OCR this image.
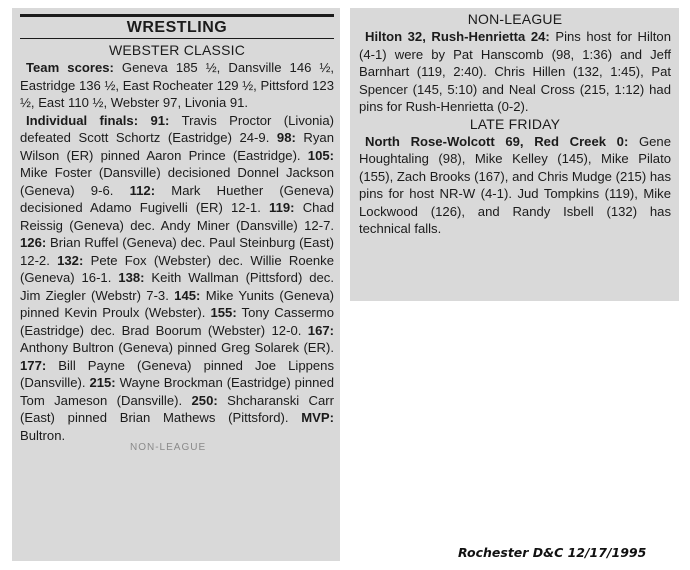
WRESTLING
WEBSTER CLASSIC

Team scores: Geneva 185 ½, Dansville 146 ½, Eastridge 136 ½, East Rocheater 129 ½, Pittsford 123 ½, East 110 ½, Webster 97, Livonia 91.

Individual finals: 91: Travis Proctor (Livonia) defeated Scott Schortz (Eastridge) 24-9. 98: Ryan Wilson (ER) pinned Aaron Prince (Eastridge). 105: Mike Foster (Dansville) decisioned Donnel Jackson (Geneva) 9-6. 112: Mark Huether (Geneva) decisioned Adamo Fugivelli (ER) 12-1. 119: Chad Reissig (Geneva) dec. Andy Miner (Dansville) 12-7. 126: Brian Ruffel (Geneva) dec. Paul Steinburg (East) 12-2. 132: Pete Fox (Webster) dec. Willie Roenke (Geneva) 16-1. 138: Keith Wallman (Pittsford) dec. Jim Ziegler (Webstr) 7-3. 145: Mike Yunits (Geneva) pinned Kevin Proulx (Webster). 155: Tony Cassermo (Eastridge) dec. Brad Boorum (Webster) 12-0. 167: Anthony Bultron (Geneva) pinned Greg Solarek (ER). 177: Bill Payne (Geneva) pinned Joe Lippens (Dansville). 215: Wayne Brockman (Eastridge) pinned Tom Jameson (Dansville). 250: Shcharanski Carr (East) pinned Brian Mathews (Pittsford). MVP: Bultron.

NON-LEAGUE
NON-LEAGUE

Hilton 32, Rush-Henrietta 24: Pins host for Hilton (4-1) were by Pat Hanscomb (98, 1:36) and Jeff Barnhart (119, 2:40). Chris Hillen (132, 1:45), Pat Spencer (145, 5:10) and Neal Cross (215, 1:12) had pins for Rush-Henrietta (0-2).

LATE FRIDAY

North Rose-Wolcott 69, Red Creek 0: Gene Houghtaling (98), Mike Kelley (145), Mike Pilato (155), Zach Brooks (167), and Chris Mudge (215) has pins for host NR-W (4-1). Jud Tompkins (119), Mike Lockwood (126), and Randy Isbell (132) has technical falls.

Rochester D&C 12/17/1995
